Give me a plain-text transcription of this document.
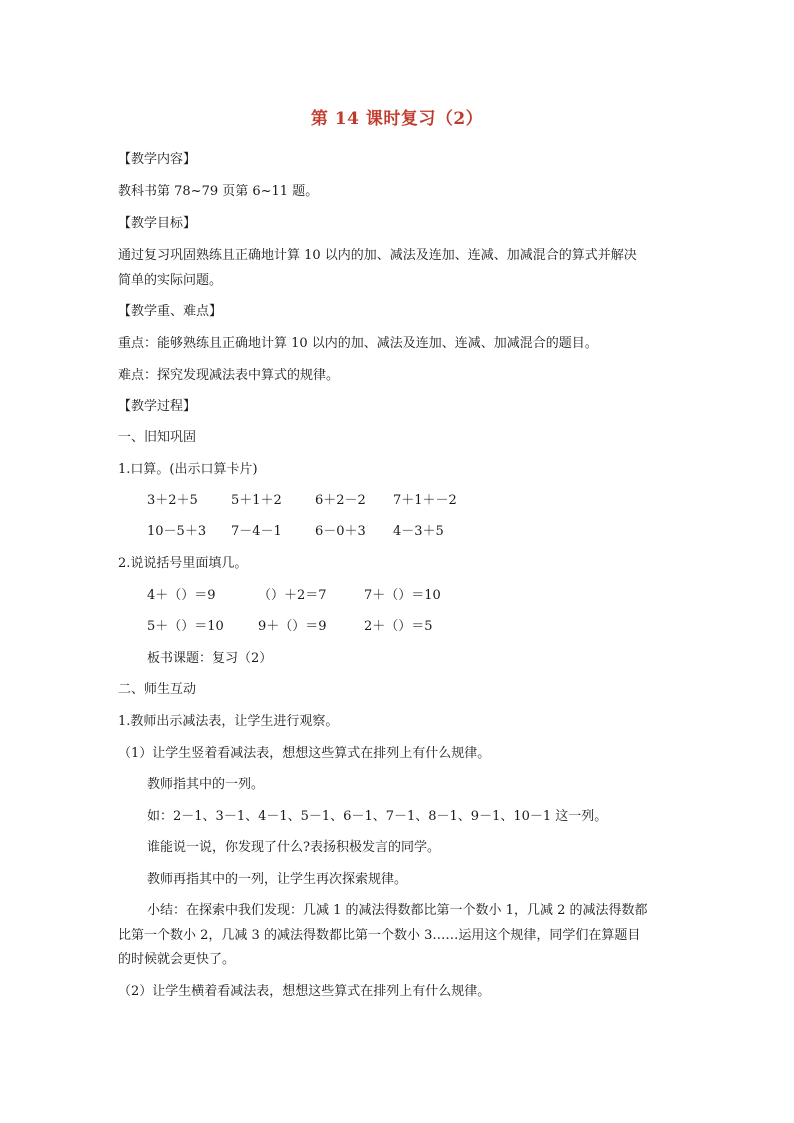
第 14 课时复习（2）
【教学内容】
教科书第 78~79 页第 6~11 题。
【教学目标】
通过复习巩固熟练且正确地计算 10 以内的加、减法及连加、连减、加减混合的算式并解决
简单的实际问题。
【教学重、难点】
重点：能够熟练且正确地计算 10 以内的加、减法及连加、连减、加减混合的题目。
难点：探究发现减法表中算式的规律。
【教学过程】
一、旧知巩固
1.口算。(出示口算卡片)
3＋2＋5	5＋1＋2	6＋2－2 7＋1＋－2
10－5＋3 7－4－1	6－0＋3 4－3＋5
2.说说括号里面填几。
4＋（）＝9	（）＋2＝7	7＋（）＝10
5＋（）＝10	9＋（）＝9	2＋（）＝5
板书课题：复习（2）
二、师生互动
1.教师出示减法表，让学生进行观察。
（1）让学生竖着看减法表，想想这些算式在排列上有什么规律。
教师指其中的一列。
如：2－1、3－1、4－1、5－1、6－1、7－1、8－1、9－1、10－1 这一列。
谁能说一说，你发现了什么?表扬积极发言的同学。
教师再指其中的一列，让学生再次探索规律。
小结：在探索中我们发现：几减 1 的减法得数都比第一个数小 1，几减 2 的减法得数都
比第一个数小 2，几减 3 的减法得数都比第一个数小 3……运用这个规律，同学们在算题目
的时候就会更快了。
（2）让学生横着看减法表，想想这些算式在排列上有什么规律。
